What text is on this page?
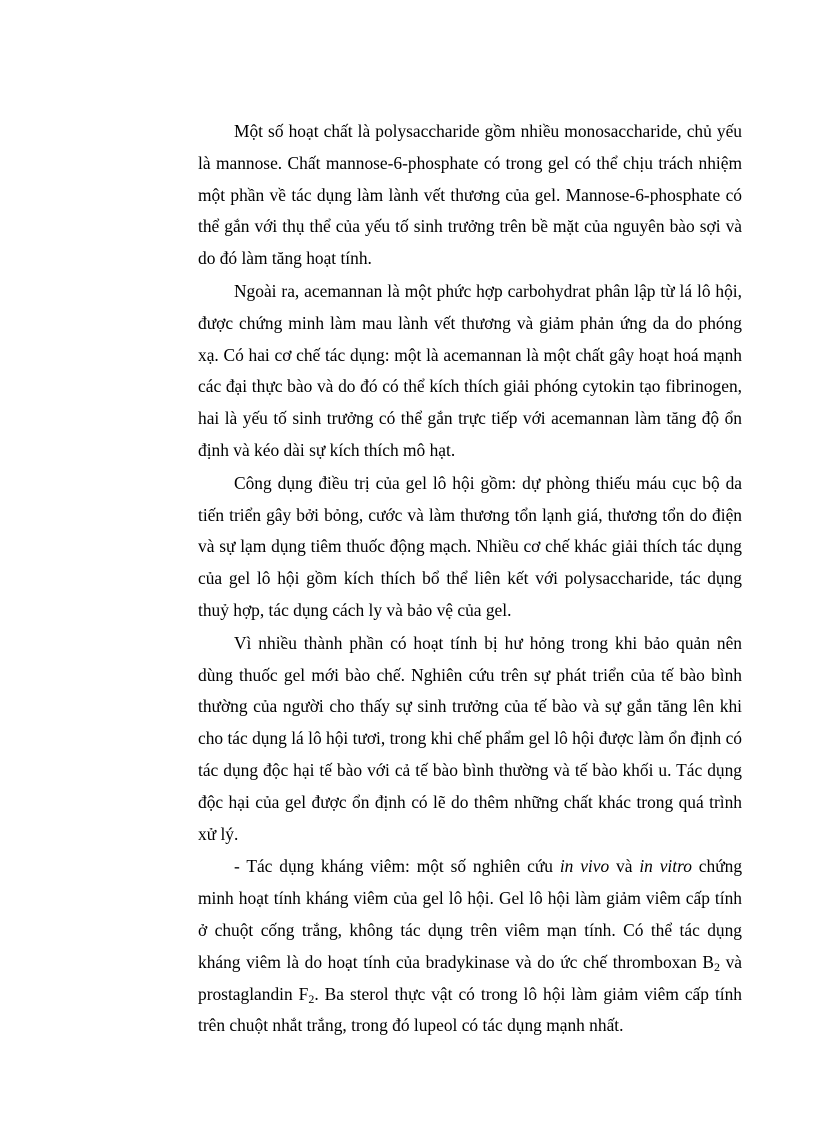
Một số hoạt chất là polysaccharide gồm nhiều monosaccharide, chủ yếu là mannose. Chất mannose-6-phosphate có trong gel có thể chịu trách nhiệm một phần về tác dụng làm lành vết thương của gel. Mannose-6-phosphate có thể gắn với thụ thể của yếu tố sinh trưởng trên bề mặt của nguyên bào sợi và do đó làm tăng hoạt tính.

Ngoài ra, acemannan là một phức hợp carbohydrat phân lập từ lá lô hội, được chứng minh làm mau lành vết thương và giảm phản ứng da do phóng xạ. Có hai cơ chế tác dụng: một là acemannan là một chất gây hoạt hoá mạnh các đại thực bào và do đó có thể kích thích giải phóng cytokin tạo fibrinogen, hai là yếu tố sinh trưởng có thể gắn trực tiếp với acemannan làm tăng độ ổn định và kéo dài sự kích thích mô hạt.

Công dụng điều trị của gel lô hội gồm: dự phòng thiếu máu cục bộ da tiến triển gây bởi bỏng, cước và làm thương tổn lạnh giá, thương tổn do điện và sự lạm dụng tiêm thuốc động mạch. Nhiều cơ chế khác giải thích tác dụng của gel lô hội gồm kích thích bổ thể liên kết với polysaccharide, tác dụng thuỷ hợp, tác dụng cách ly và bảo vệ của gel.

Vì nhiều thành phần có hoạt tính bị hư hỏng trong khi bảo quản nên dùng thuốc gel mới bào chế. Nghiên cứu trên sự phát triển của tế bào bình thường của người cho thấy sự sinh trưởng của tế bào và sự gắn tăng lên khi cho tác dụng lá lô hội tươi, trong khi chế phẩm gel lô hội được làm ổn định có tác dụng độc hại tế bào với cả tế bào bình thường và tế bào khối u. Tác dụng độc hại của gel được ổn định có lẽ do thêm những chất khác trong quá trình xử lý.

- Tác dụng kháng viêm: một số nghiên cứu in vivo và in vitro chứng minh hoạt tính kháng viêm của gel lô hội. Gel lô hội làm giảm viêm cấp tính ở chuột cống trắng, không tác dụng trên viêm mạn tính. Có thể tác dụng kháng viêm là do hoạt tính của bradykinase và do ức chế thromboxan $B_2$ và prostaglandin $F_2$. Ba sterol thực vật có trong lô hội làm giảm viêm cấp tính trên chuột nhắt trắng, trong đó lupeol có tác dụng mạnh nhất.
